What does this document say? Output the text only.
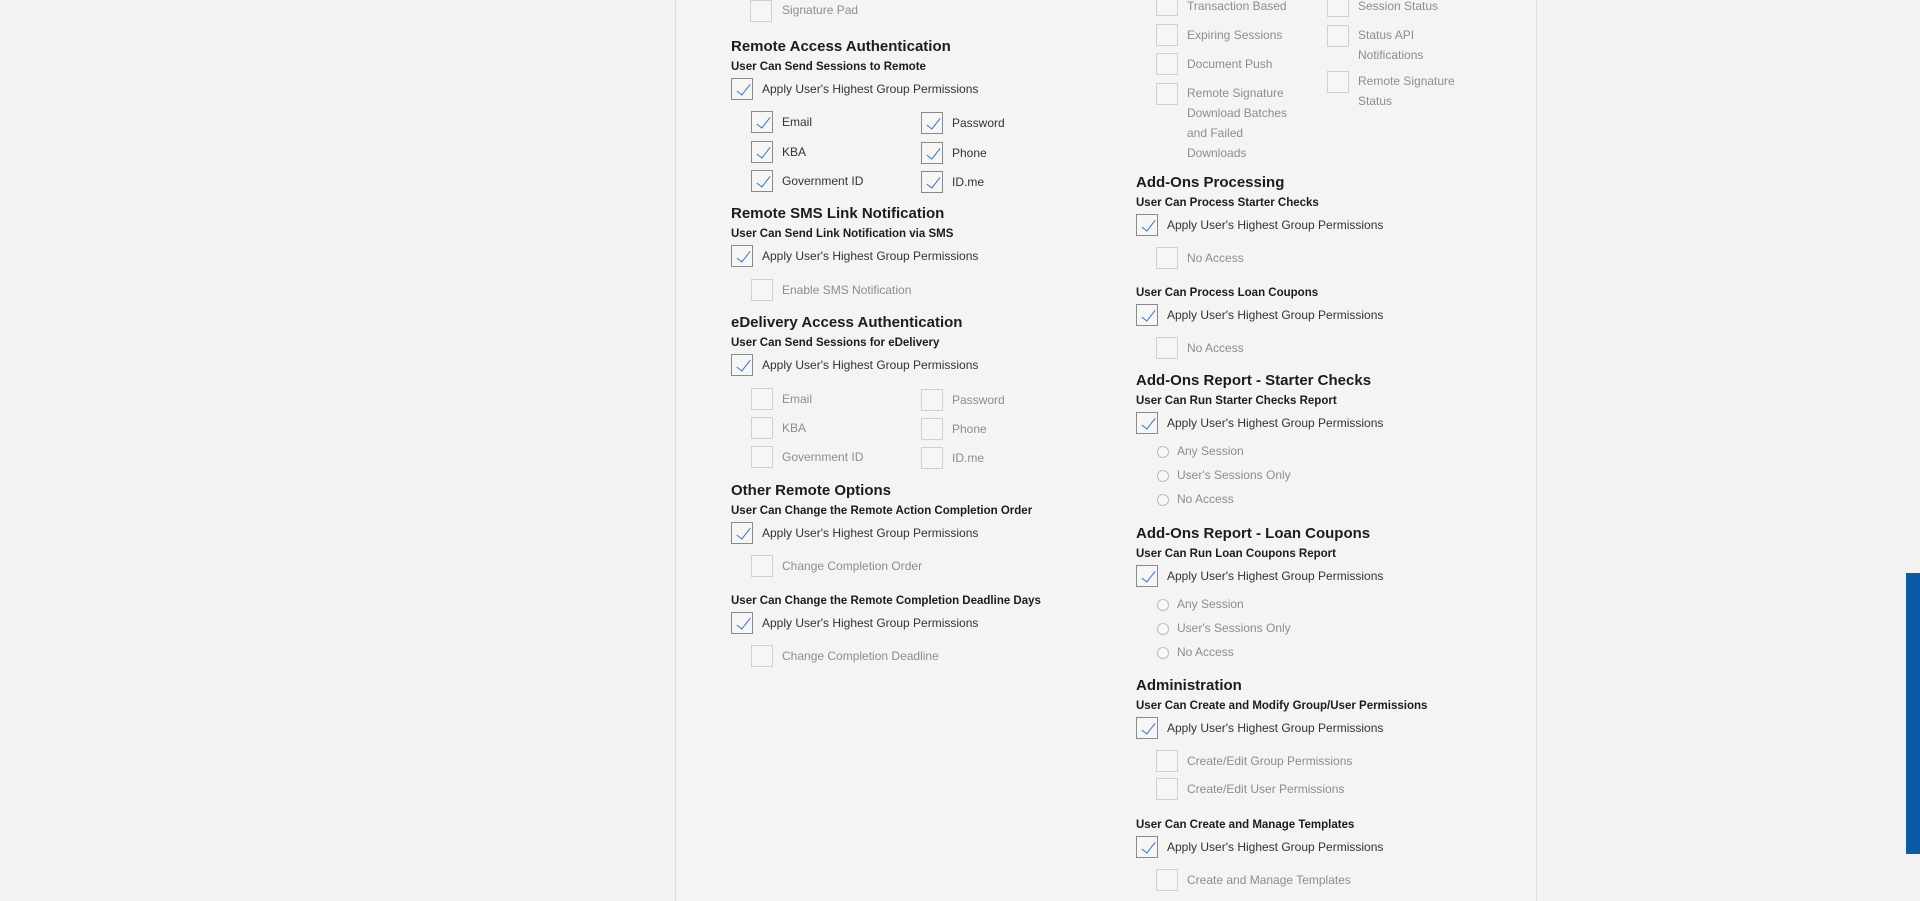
Signature Pad
Remote Access Authentication
User Can Send Sessions to Remote
Apply User's Highest Group Permissions
Email	Password
KBA	Phone
Government ID	ID.me
Remote SMS Link Notification
User Can Send Link Notification via SMS
Apply User's Highest Group Permissions
Enable SMS Notification
eDelivery Access Authentication
User Can Send Sessions for eDelivery
Apply User's Highest Group Permissions
Email	Password
KBA	Phone
Government ID	ID.me
Other Remote Options
User Can Change the Remote Action Completion Order
Apply User's Highest Group Permissions
Change Completion Order
User Can Change the Remote Completion Deadline Days
Apply User's Highest Group Permissions
Change Completion Deadline
Transaction Based
Expiring Sessions
Document Push
Remote Signature Download Batches and Failed Downloads
Session Status
Status API Notifications
Remote Signature Status
Add-Ons Processing
User Can Process Starter Checks
Apply User's Highest Group Permissions
No Access
User Can Process Loan Coupons
Apply User's Highest Group Permissions
No Access
Add-Ons Report - Starter Checks
User Can Run Starter Checks Report
Apply User's Highest Group Permissions
Any Session
User's Sessions Only
No Access
Add-Ons Report - Loan Coupons
User Can Run Loan Coupons Report
Apply User's Highest Group Permissions
Any Session
User's Sessions Only
No Access
Administration
User Can Create and Modify Group/User Permissions
Apply User's Highest Group Permissions
Create/Edit Group Permissions
Create/Edit User Permissions
User Can Create and Manage Templates
Apply User's Highest Group Permissions
Create and Manage Templates
